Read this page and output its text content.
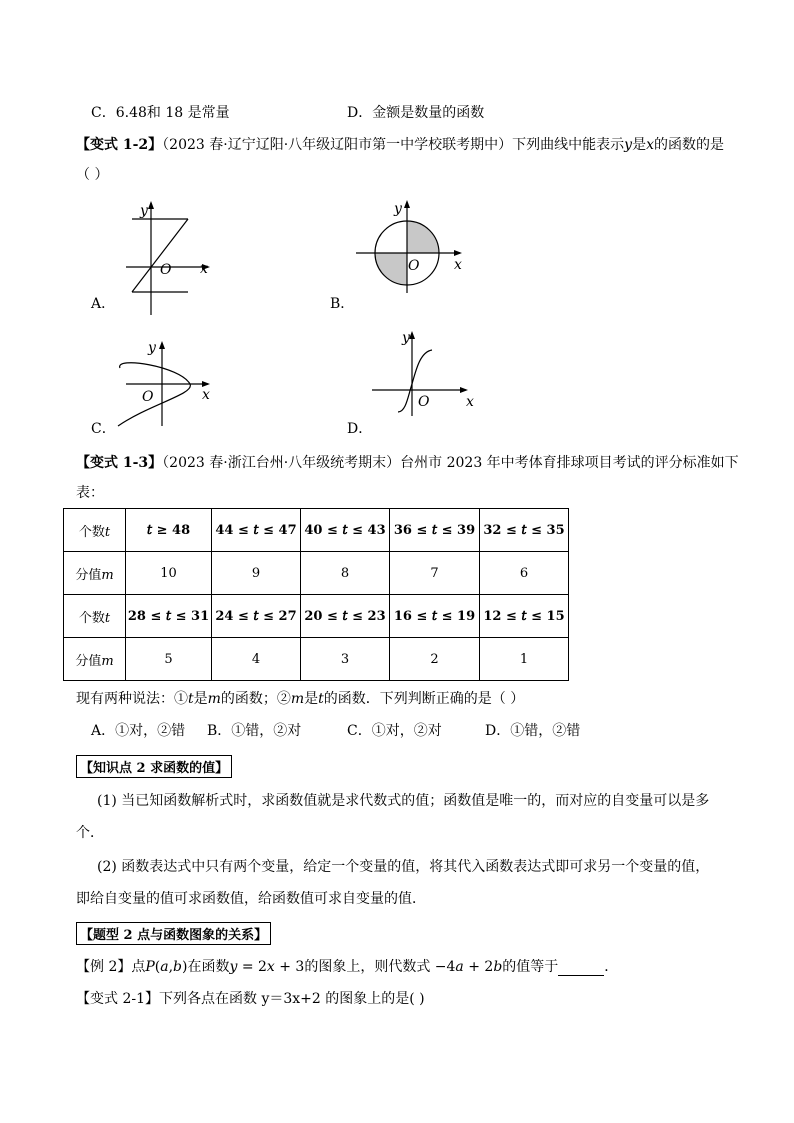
C．6.48和 18 是常量	D．金额是数量的函数
【变式 1-2】（2023 春·辽宁辽阳·八年级辽阳市第一中学校联考期中）下列曲线中能表示y是x的函数的是
（ ）
y
O x
A．
y
O x
B．
y
O	x
C．
y
O	x
D．
【变式 1-3】（2023 春·浙江台州·八年级统考期末）台州市 2023 年中考体育排球项目考试的评分标准如下
表：
个数𝑡	𝑡 ≥ 48	44 ≤ 𝑡 ≤ 47	40 ≤ 𝑡 ≤ 43	36 ≤ 𝑡 ≤ 39	32 ≤ 𝑡 ≤ 35
分值𝑚	10	9	8	7	6
个数𝑡	28 ≤ 𝑡 ≤ 31	24 ≤ 𝑡 ≤ 27	20 ≤ 𝑡 ≤ 23	16 ≤ 𝑡 ≤ 19	12 ≤ 𝑡 ≤ 15
分值𝑚	5	4	3	2	1
现有两种说法：①𝑡是𝑚的函数；②𝑚是𝑡的函数．下列判断正确的是（ ）
A．①对，②错 B．①错，②对	C．①对，②对	D．①错，②错
【知识点 2 求函数的值】
(1) 当已知函数解析式时，求函数值就是求代数式的值；函数值是唯一的，而对应的自变量可以是多
个．
(2) 函数表达式中只有两个变量，给定一个变量的值，将其代入函数表达式即可求另一个变量的值，
即给自变量的值可求函数值，给函数值可求自变量的值．
【题型 2 点与函数图象的关系】
【例 2】点𝑃(𝑎,𝑏)在函数𝑦 = 2𝑥 + 3的图象上，则代数式 −4𝑎 + 2𝑏的值等于	．
【变式 2-1】下列各点在函数 y＝3x+2 的图象上的是( )
